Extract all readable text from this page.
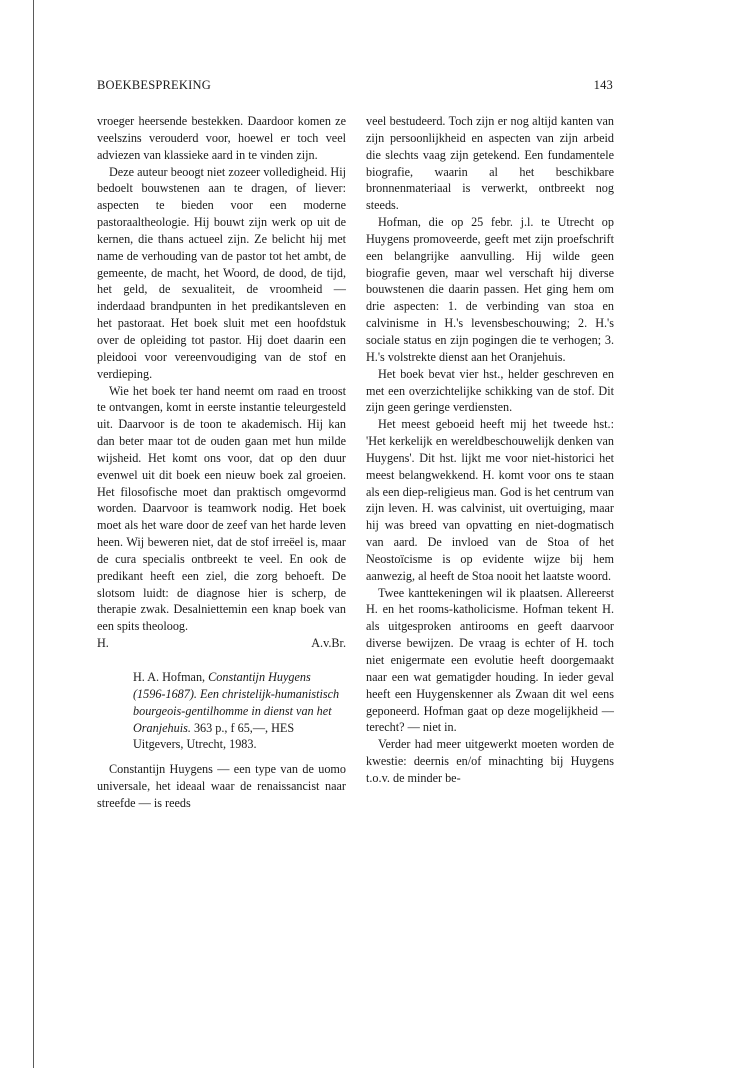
BOEKBESPREKING	143

vroeger heersende bestekken. Daardoor komen ze veelszins verouderd voor, hoewel er toch veel adviezen van klassieke aard in te vinden zijn.

Deze auteur beoogt niet zozeer volledigheid. Hij bedoelt bouwstenen aan te dragen, of liever: aspecten te bieden voor een moderne pastoraaltheologie. Hij bouwt zijn werk op uit de kernen, die thans actueel zijn. Ze belicht hij met name de verhouding van de pastor tot het ambt, de gemeente, de macht, het Woord, de dood, de tijd, het geld, de sexualiteit, de vroomheid — inderdaad brandpunten in het predikantsleven en het pastoraat. Het boek sluit met een hoofdstuk over de opleiding tot pastor. Hij doet daarin een pleidooi voor vereenvoudiging van de stof en verdieping.

Wie het boek ter hand neemt om raad en troost te ontvangen, komt in eerste instantie teleurgesteld uit. Daarvoor is de toon te akademisch. Hij kan dan beter maar tot de ouden gaan met hun milde wijsheid. Het komt ons voor, dat op den duur evenwel uit dit boek een nieuw boek zal groeien. Het filosofische moet dan praktisch omgevormd worden. Daarvoor is teamwork nodig. Het boek moet als het ware door de zeef van het harde leven heen. Wij beweren niet, dat de stof irreëel is, maar de cura specialis ontbreekt te veel. En ook de predikant heeft een ziel, die zorg behoeft. De slotsom luidt: de diagnose hier is scherp, de therapie zwak. Desalniettemin een knap boek van een spits theoloog.

H.	A.v.Br.
H. A. Hofman, Constantijn Huygens (1596-1687). Een christelijk-humanistisch bourgeois-gentilhomme in dienst van het Oranjehuis. 363 p., f 65,—, HES Uitgevers, Utrecht, 1983.

Constantijn Huygens — een type van de uomo universale, het ideaal waar de renaissancist naar streefde — is reeds

veel bestudeerd. Toch zijn er nog altijd kanten van zijn persoonlijkheid en aspecten van zijn arbeid die slechts vaag zijn getekend. Een fundamentele biografie, waarin al het beschikbare bronnenmateriaal is verwerkt, ontbreekt nog steeds.

Hofman, die op 25 febr. j.l. te Utrecht op Huygens promoveerde, geeft met zijn proefschrift een belangrijke aanvulling. Hij wilde geen biografie geven, maar wel verschaft hij diverse bouwstenen die daarin passen. Het ging hem om drie aspecten: 1. de verbinding van stoa en calvinisme in H.'s levensbeschouwing; 2. H.'s sociale status en zijn pogingen die te verhogen; 3. H.'s volstrekte dienst aan het Oranjehuis.

Het boek bevat vier hst., helder geschreven en met een overzichtelijke schikking van de stof. Dit zijn geen geringe verdiensten.

Het meest geboeid heeft mij het tweede hst.: 'Het kerkelijk en wereldbeschouwelijk denken van Huygens'. Dit hst. lijkt me voor niet-historici het meest belangwekkend. H. komt voor ons te staan als een diep-religieus man. God is het centrum van zijn leven. H. was calvinist, uit overtuiging, maar hij was breed van opvatting en niet-dogmatisch van aard. De invloed van de Stoa of het Neostoïcisme is op evidente wijze bij hem aanwezig, al heeft de Stoa nooit het laatste woord.

Twee kanttekeningen wil ik plaatsen. Allereerst H. en het rooms-katholicisme. Hofman tekent H. als uitgesproken antirooms en geeft daarvoor diverse bewijzen. De vraag is echter of H. toch niet enigermate een evolutie heeft doorgemaakt naar een wat gematigder houding. In ieder geval heeft een Huygenskenner als Zwaan dit wel eens geponeerd. Hofman gaat op deze mogelijkheid — terecht? — niet in.

Verder had meer uitgewerkt moeten worden de kwestie: deernis en/of minachting bij Huygens t.o.v. de minder be-
